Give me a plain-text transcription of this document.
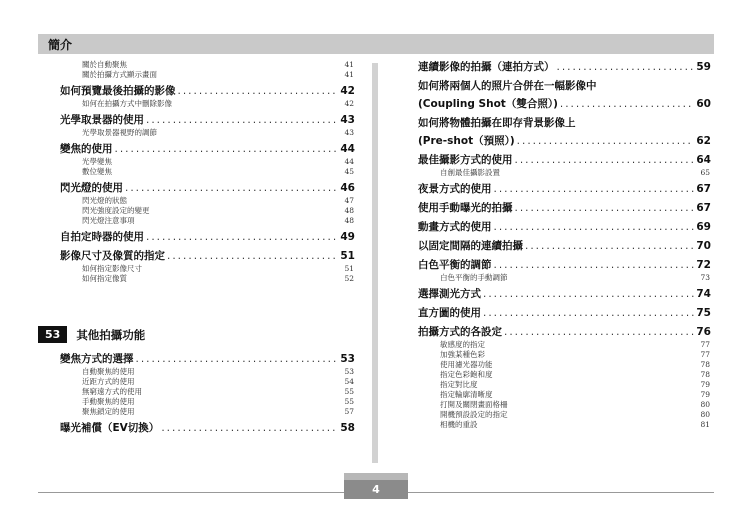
簡介
關於自動聚焦	41
關於拍攝方式顯示畫面	41
如何預覽最後拍攝的影像 .....	42
如何在拍攝方式中刪除影像	42
光學取景器的使用 .....	43
光學取景器視野的調節	43
變焦的使用 .....	44
光學變焦	44
數位變焦	45
閃光燈的使用 .....	46
閃光燈的狀態	47
閃光強度設定的變更	48
閃光燈注意事項	48
自拍定時器的使用 .....	49
影像尺寸及像質的指定 .....	51
如何指定影像尺寸	51
如何指定像質	52
53	其他拍攝功能
變焦方式的選擇 .....	53
自動聚焦的使用	53
近距方式的使用	54
無窮遠方式的使用	55
手動聚焦的使用	55
聚焦鎖定的使用	57
曝光補償（EV切換） .....	58
連續影像的拍攝（連拍方式） .....	59
如何將兩個人的照片合併在一幅影像中
(Coupling Shot（雙合照）) .....	60
如何將物體拍攝在即存背景影像上
(Pre-shot（預照）) .....	62
最佳攝影方式的使用 .....	64
自創最佳攝影設置	65
夜景方式的使用 .....	67
使用手動曝光的拍攝 .....	67
動畫方式的使用 .....	69
以固定間隔的連續拍攝 .....	70
白色平衡的調節 .....	72
白色平衡的手動調節	73
選擇測光方式 .....	74
直方圖的使用 .....	75
拍攝方式的各設定 .....	76
敏感度的指定	77
加強某種色彩	77
使用濾光器功能	78
指定色彩飽和度	78
指定對比度	79
指定輪廓清晰度	79
打開及關閉畫面格柵	80
開機預設設定的指定	80
相機的重設	81
4
